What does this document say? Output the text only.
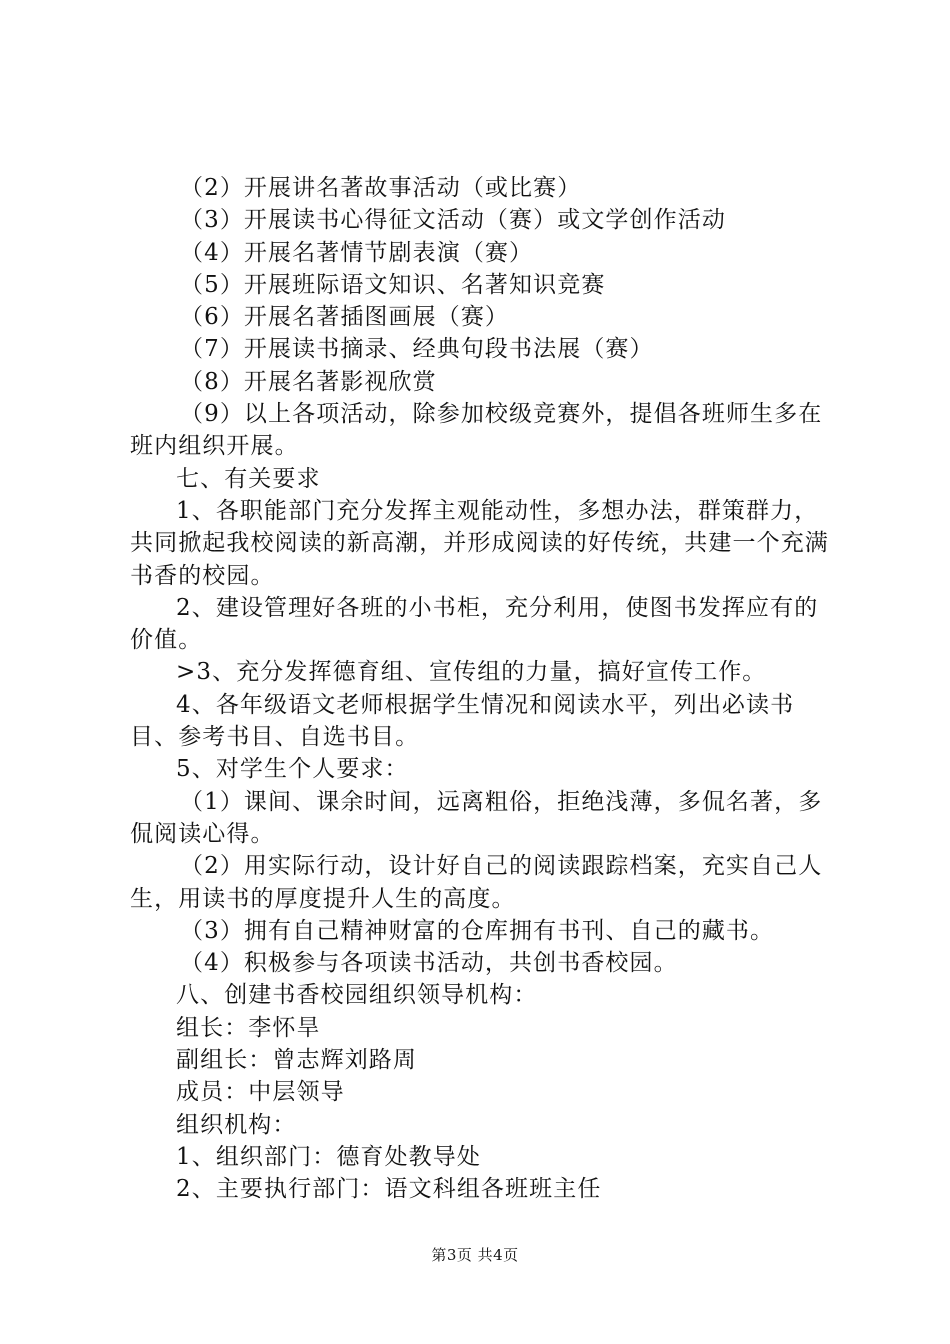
（2）开展讲名著故事活动（或比赛）
（3）开展读书心得征文活动（赛）或文学创作活动
（4）开展名著情节剧表演（赛）
（5）开展班际语文知识、名著知识竞赛
（6）开展名著插图画展（赛）
（7）开展读书摘录、经典句段书法展（赛）
（8）开展名著影视欣赏
（9）以上各项活动，除参加校级竞赛外，提倡各班师生多在班内组织开展。
七、有关要求
1、各职能部门充分发挥主观能动性，多想办法，群策群力，共同掀起我校阅读的新高潮，并形成阅读的好传统，共建一个充满书香的校园。
2、建设管理好各班的小书柜，充分利用，使图书发挥应有的价值。
>3、充分发挥德育组、宣传组的力量，搞好宣传工作。
4、各年级语文老师根据学生情况和阅读水平，列出必读书目、参考书目、自选书目。
5、对学生个人要求：
（1）课间、课余时间，远离粗俗，拒绝浅薄，多侃名著，多侃阅读心得。
（2）用实际行动，设计好自己的阅读跟踪档案，充实自己人生，用读书的厚度提升人生的高度。
（3）拥有自己精神财富的仓库拥有书刊、自己的藏书。
（4）积极参与各项读书活动，共创书香校园。
八、创建书香校园组织领导机构：
组长：李怀旱
副组长：曾志辉刘路周
成员：中层领导
组织机构：
1、组织部门：德育处教导处
2、主要执行部门：语文科组各班班主任
第3页 共4页
